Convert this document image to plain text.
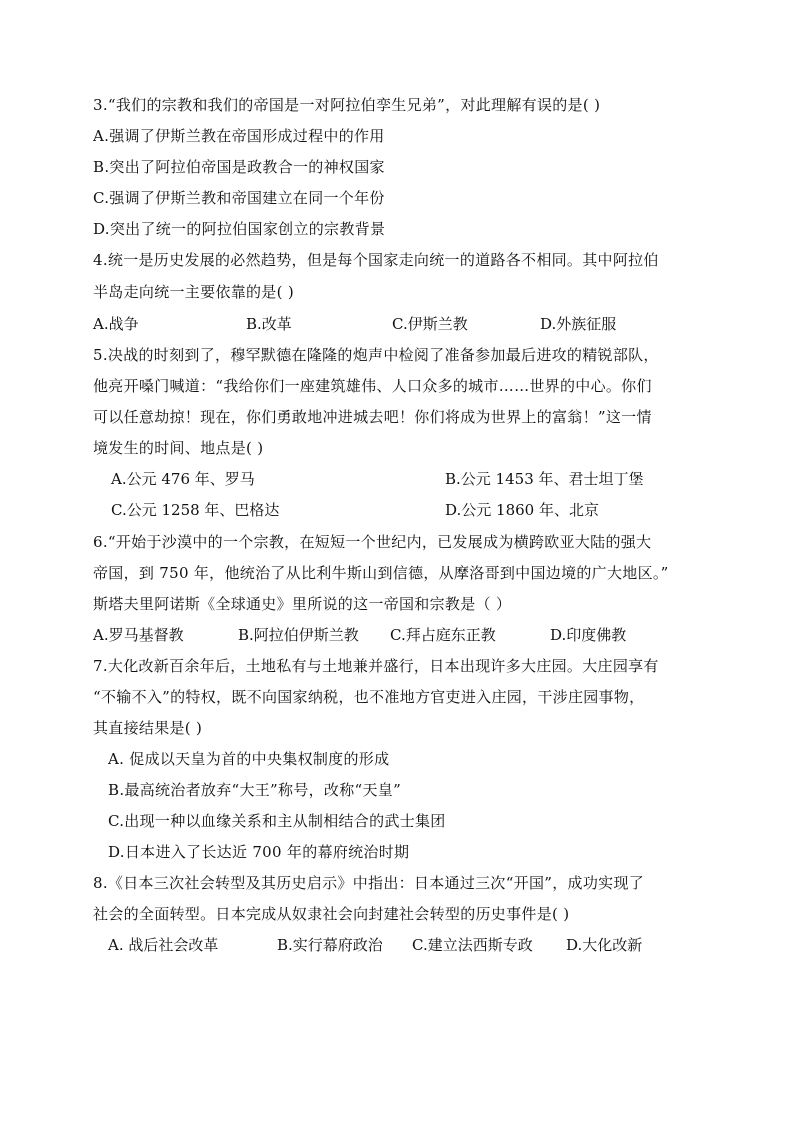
3.“我们的宗教和我们的帝国是一对阿拉伯孪生兄弟”，对此理解有误的是( )
A.强调了伊斯兰教在帝国形成过程中的作用
B.突出了阿拉伯帝国是政教合一的神权国家
C.强调了伊斯兰教和帝国建立在同一个年份
D.突出了统一的阿拉伯国家创立的宗教背景
4.统一是历史发展的必然趋势，但是每个国家走向统一的道路各不相同。其中阿拉伯
半岛走向统一主要依靠的是( )
A.战争	B.改革	C.伊斯兰教	D.外族征服
5.决战的时刻到了，穆罕默德在隆隆的炮声中检阅了准备参加最后进攻的精锐部队，
他亮开嗓门喊道：“我给你们一座建筑雄伟、人口众多的城市……世界的中心。你们
可以任意劫掠！现在，你们勇敢地冲进城去吧！你们将成为世界上的富翁！”这一情
境发生的时间、地点是( )
A.公元 476 年、罗马	B.公元 1453 年、君士坦丁堡
C.公元 1258 年、巴格达	D.公元 1860 年、北京
6.“开始于沙漠中的一个宗教，在短短一个世纪内，已发展成为横跨欧亚大陆的强大
帝国，到 750 年，他统治了从比利牛斯山到信德，从摩洛哥到中国边境的广大地区。”
斯塔夫里阿诺斯《全球通史》里所说的这一帝国和宗教是（ ）
A.罗马基督教	B.阿拉伯伊斯兰教 C.拜占庭东正教	D.印度佛教
7.大化改新百余年后，土地私有与土地兼并盛行，日本出现许多大庄园。大庄园享有
“不输不入”的特权，既不向国家纳税，也不准地方官吏进入庄园，干涉庄园事物，
其直接结果是( )
A. 促成以天皇为首的中央集权制度的形成
B.最高统治者放弃“大王”称号，改称“天皇”
C.出现一种以血缘关系和主从制相结合的武士集团
D.日本进入了长达近 700 年的幕府统治时期
8.《日本三次社会转型及其历史启示》中指出：日本通过三次“开国”，成功实现了
社会的全面转型。日本完成从奴隶社会向封建社会转型的历史事件是( )
A. 战后社会改革	B.实行幕府政治 C.建立法西斯专政 D.大化改新
